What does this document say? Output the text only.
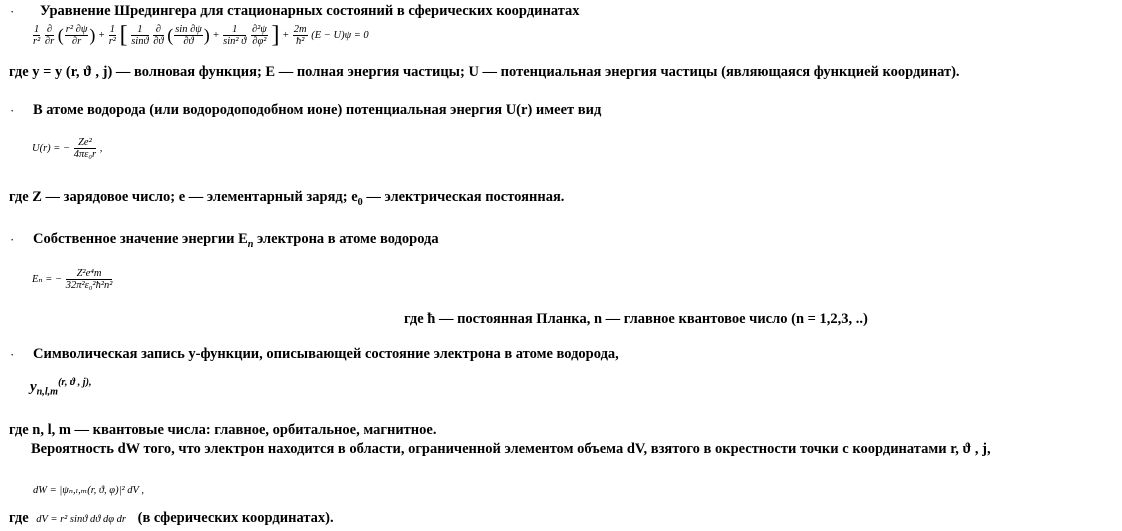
· Уравнение Шредингера для стационарных состояний в сферических координатах
$\frac{1}{\text{r²}}$
$\frac{\partial}{\partial r}$ ( $\frac{\text{r² ∂ψ}}{\partial r}$ ) + $\frac{1}{\text{r²}}$ [ $\frac{1}{\sin ϑ}$
$\frac{\partial}{\partial ϑ}$ ( $\frac{\sin \partial\psi}{\partial ϑ}$ ) + $\frac{1}{\text{sin² ϑ}}$
$\frac{\text{∂²ψ}}{\text{∂φ²}}$ ] + $\frac{2m}{\text{ħ²}} (E - U)\psi = 0$
где y = y (r, ϑ , j) — волновая функция; E — полная энергия частицы; U — потенциальная энергия частицы (являющаяся функцией координат).
· В атоме водорода (или водородоподобном ионе) потенциальная энергия U(r) имеет вид
U(r) = − $\frac{\text{Ze²}}{\text{4πε₀r}}$ ,
где Z — зарядовое число; e — элементарный заряд; $e_0$ — электрическая постоянная.
· Собственное значение энергии $E_n$ электрона в атоме водорода
Eₙ = − $\frac{\text{Z²e⁴m}}{\text{32π²ε₀²ħ²n²}}$
где ħ — постоянная Планка, n — главное квантовое число (n = 1,2,3, ..)
· Символическая запись y-функции, описывающей состояние электрона в атоме водорода,
$y_{n,l,m}^{(r, ϑ , j),}$
где n, l, m — квантовые числа: главное, орбитальное, магнитное.
Вероятность dW того, что электрон находится в области, ограниченной элементом объема dV, взятого в окрестности точки с координатами r, ϑ , j,
dW = |ψₙ,ₗ,ₘ(r, ϑ, φ)|² dV ,
где dV = r² sinϑ dϑ dφ dr (в сферических координатах).
